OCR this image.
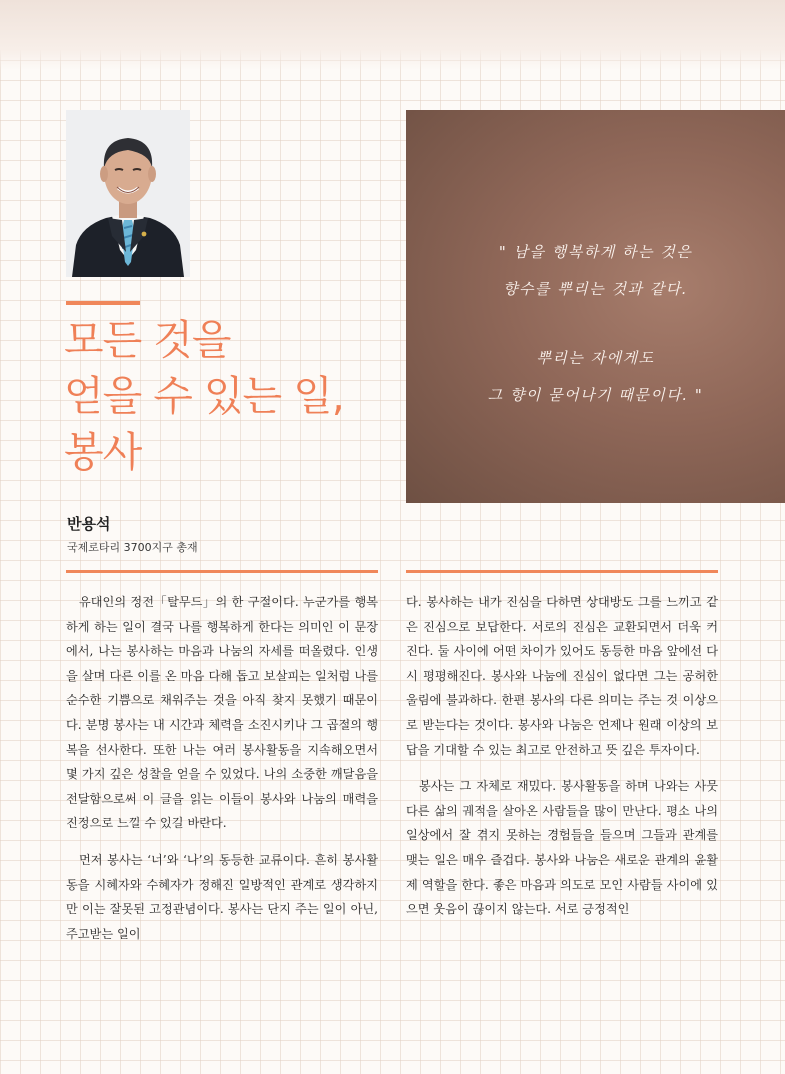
" 남을 행복하게 하는 것은
향수를 뿌리는 것과 같다.
뿌리는 자에게도
그 향이 묻어나기 때문이다. "
모든 것을
얻을 수 있는 일,
봉사
반용석
국제로타리 3700지구 총재

유대인의 정전「탈무드」의 한 구절이다. 누군가를 행복하게 하는 일이 결국 나를 행복하게 한다는 의미인 이 문장에서, 나는 봉사하는 마음과 나눔의 자세를 떠올렸다. 인생을 살며 다른 이를 온 마음 다해 돕고 보살피는 일처럼 나를 순수한 기쁨으로 채워주는 것을 아직 찾지 못했기 때문이다. 분명 봉사는 내 시간과 체력을 소진시키나 그 곱절의 행복을 선사한다. 또한 나는 여러 봉사활동을 지속해오면서 몇 가지 깊은 성찰을 얻을 수 있었다. 나의 소중한 깨달음을 전달함으로써 이 글을 읽는 이들이 봉사와 나눔의 매력을 진정으로 느낄 수 있길 바란다.

먼저 봉사는 ‘너’와 ‘나’의 동등한 교류이다. 흔히 봉사활동을 시혜자와 수혜자가 정해진 일방적인 관계로 생각하지만 이는 잘못된 고정관념이다. 봉사는 단지 주는 일이 아닌, 주고받는 일이

다. 봉사하는 내가 진심을 다하면 상대방도 그를 느끼고 같은 진심으로 보답한다. 서로의 진심은 교환되면서 더욱 커진다. 둘 사이에 어떤 차이가 있어도 동등한 마음 앞에선 다시 평평해진다. 봉사와 나눔에 진심이 없다면 그는 공허한 울림에 불과하다. 한편 봉사의 다른 의미는 주는 것 이상으로 받는다는 것이다. 봉사와 나눔은 언제나 원래 이상의 보답을 기대할 수 있는 최고로 안전하고 뜻 깊은 투자이다.

봉사는 그 자체로 재밌다. 봉사활동을 하며 나와는 사뭇 다른 삶의 궤적을 살아온 사람들을 많이 만난다. 평소 나의 일상에서 잘 겪지 못하는 경험들을 들으며 그들과 관계를 맺는 일은 매우 즐겁다. 봉사와 나눔은 새로운 관계의 윤활제 역할을 한다. 좋은 마음과 의도로 모인 사람들 사이에 있으면 웃음이 끊이지 않는다. 서로 긍정적인
